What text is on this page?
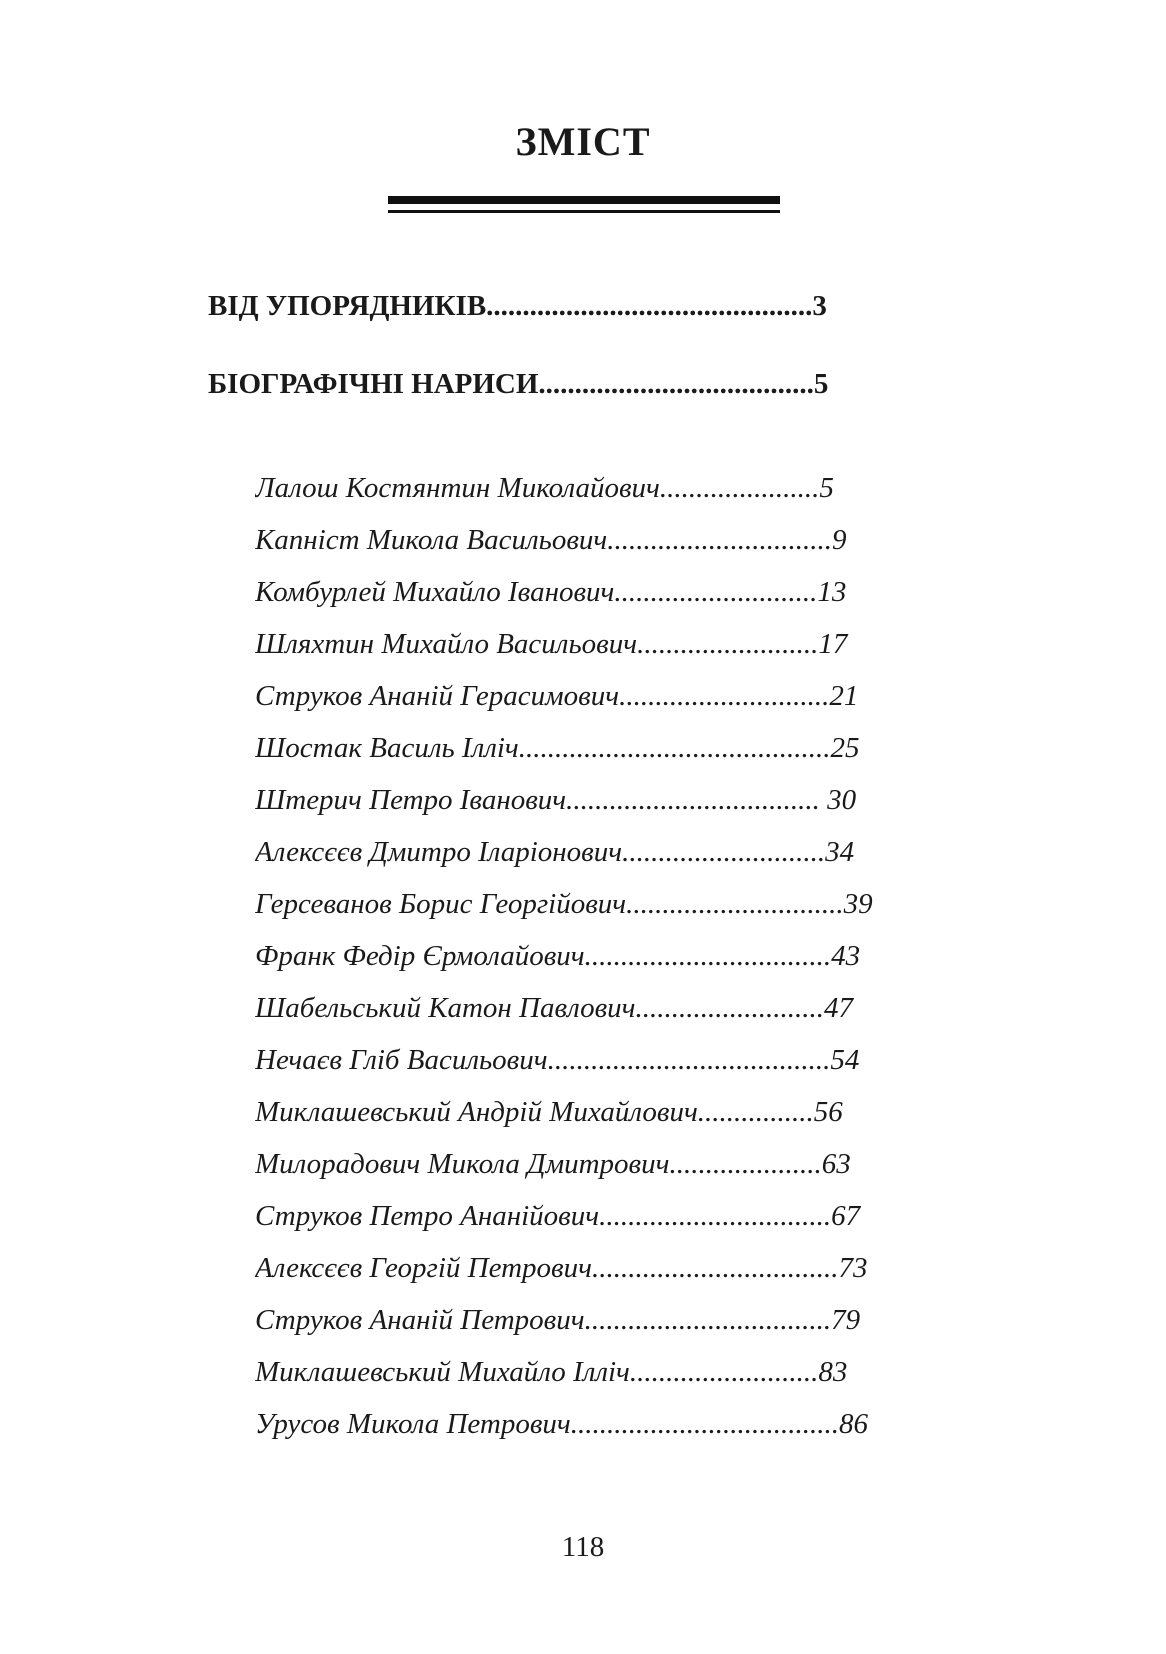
ЗМІСТ
ВІД УПОРЯДНИКІВ.............................................3
БІОГРАФІЧНІ НАРИСИ......................................5
Лалош Костянтин Миколайович......................5
Капніст Микола Васильович...............................9
Комбурлей Михайло Іванович............................13
Шляхтин Михайло Васильович.........................17
Струков Ананій Герасимович.............................21
Шостак Василь Ілліч...........................................25
Штерич Петро Іванович................................... 30
Алексєєв Дмитро Іларіонович............................34
Герсеванов Борис Георгійович..............................39
Франк Федір Єрмолайович..................................43
Шабельський Катон Павлович..........................47
Нечаєв Гліб Васильович.......................................54
Миклашевський Андрій Михайлович................56
Милорадович Микола Дмитрович.....................63
Струков Петро Ананійович................................67
Алексєєв Георгій Петрович..................................73
Струков Ананій Петрович..................................79
Миклашевський Михайло Ілліч..........................83
Урусов Микола Петрович.....................................86
118
